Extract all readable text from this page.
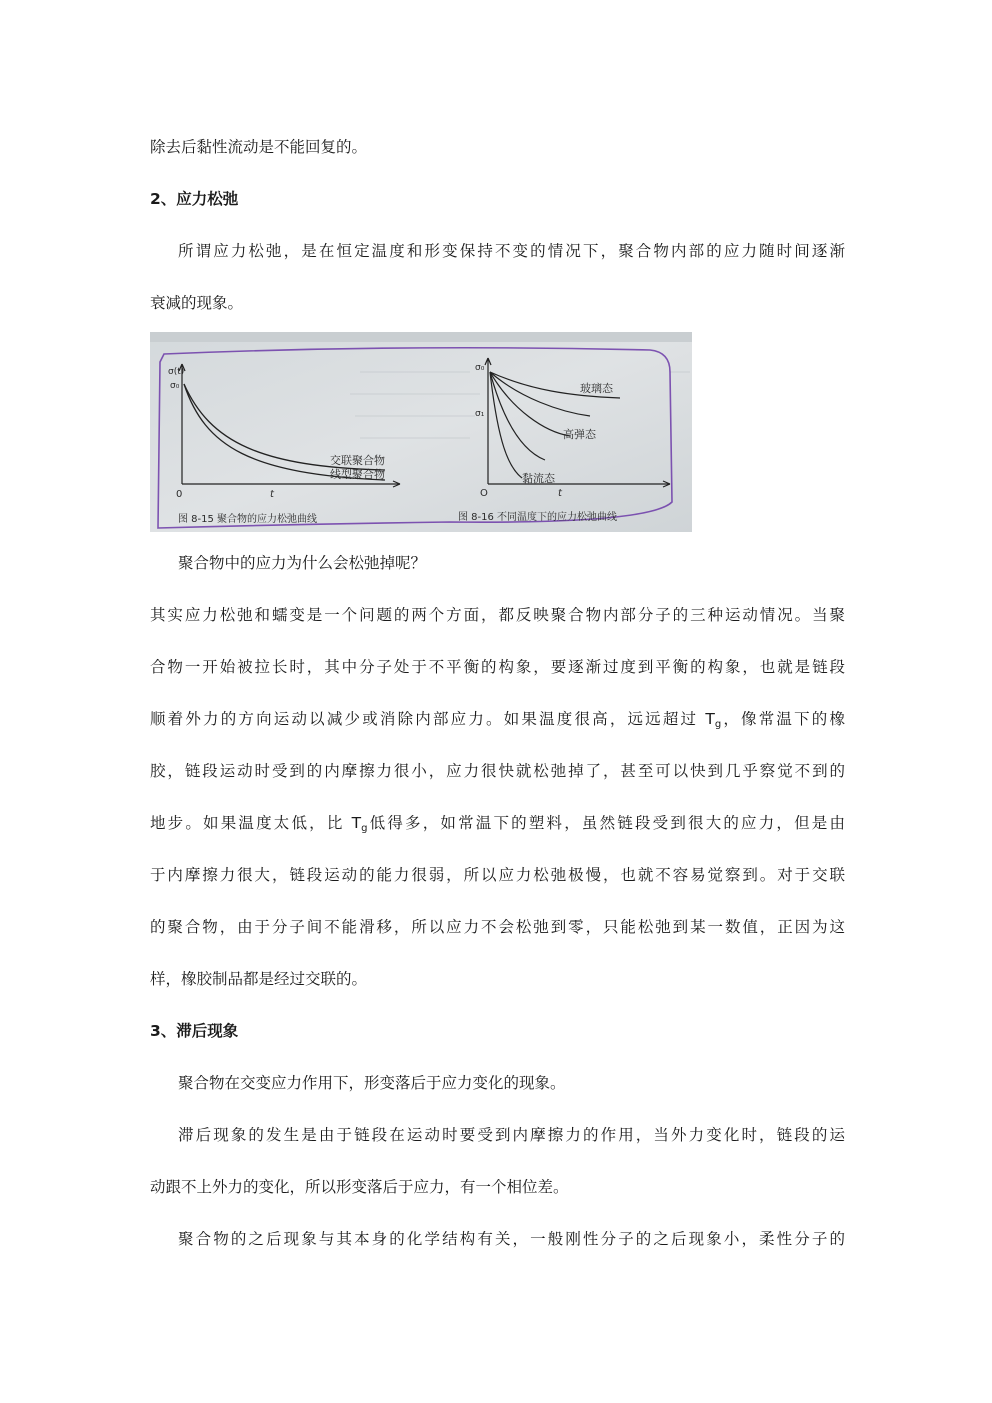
除去后黏性流动是不能回复的。
2、应力松弛
所谓应力松弛，是在恒定温度和形变保持不变的情况下，聚合物内部的应力随时间逐渐
衰减的现象。
σ(t)
σ₀
0	t
交联聚合物
线型聚合物
图 8-15 聚合物的应力松弛曲线
σ₀
σ₁
O	t
玻璃态
高弹态
黏流态
图 8-16 不同温度下的应力松弛曲线
聚合物中的应力为什么会松弛掉呢？
其实应力松弛和蠕变是一个问题的两个方面，都反映聚合物内部分子的三种运动情况。当聚
合物一开始被拉长时，其中分子处于不平衡的构象，要逐渐过度到平衡的构象，也就是链段
顺着外力的方向运动以减少或消除内部应力。如果温度很高，远远超过 $T_g$，像常温下的橡
胶，链段运动时受到的内摩擦力很小，应力很快就松弛掉了，甚至可以快到几乎察觉不到的
地步。如果温度太低，比 $T_g$低得多，如常温下的塑料，虽然链段受到很大的应力，但是由
于内摩擦力很大，链段运动的能力很弱，所以应力松弛极慢，也就不容易觉察到。对于交联
的聚合物，由于分子间不能滑移，所以应力不会松弛到零，只能松弛到某一数值，正因为这
样，橡胶制品都是经过交联的。
3、滞后现象
聚合物在交变应力作用下，形变落后于应力变化的现象。
滞后现象的发生是由于链段在运动时要受到内摩擦力的作用，当外力变化时，链段的运
动跟不上外力的变化，所以形变落后于应力，有一个相位差。
聚合物的之后现象与其本身的化学结构有关，一般刚性分子的之后现象小，柔性分子的
